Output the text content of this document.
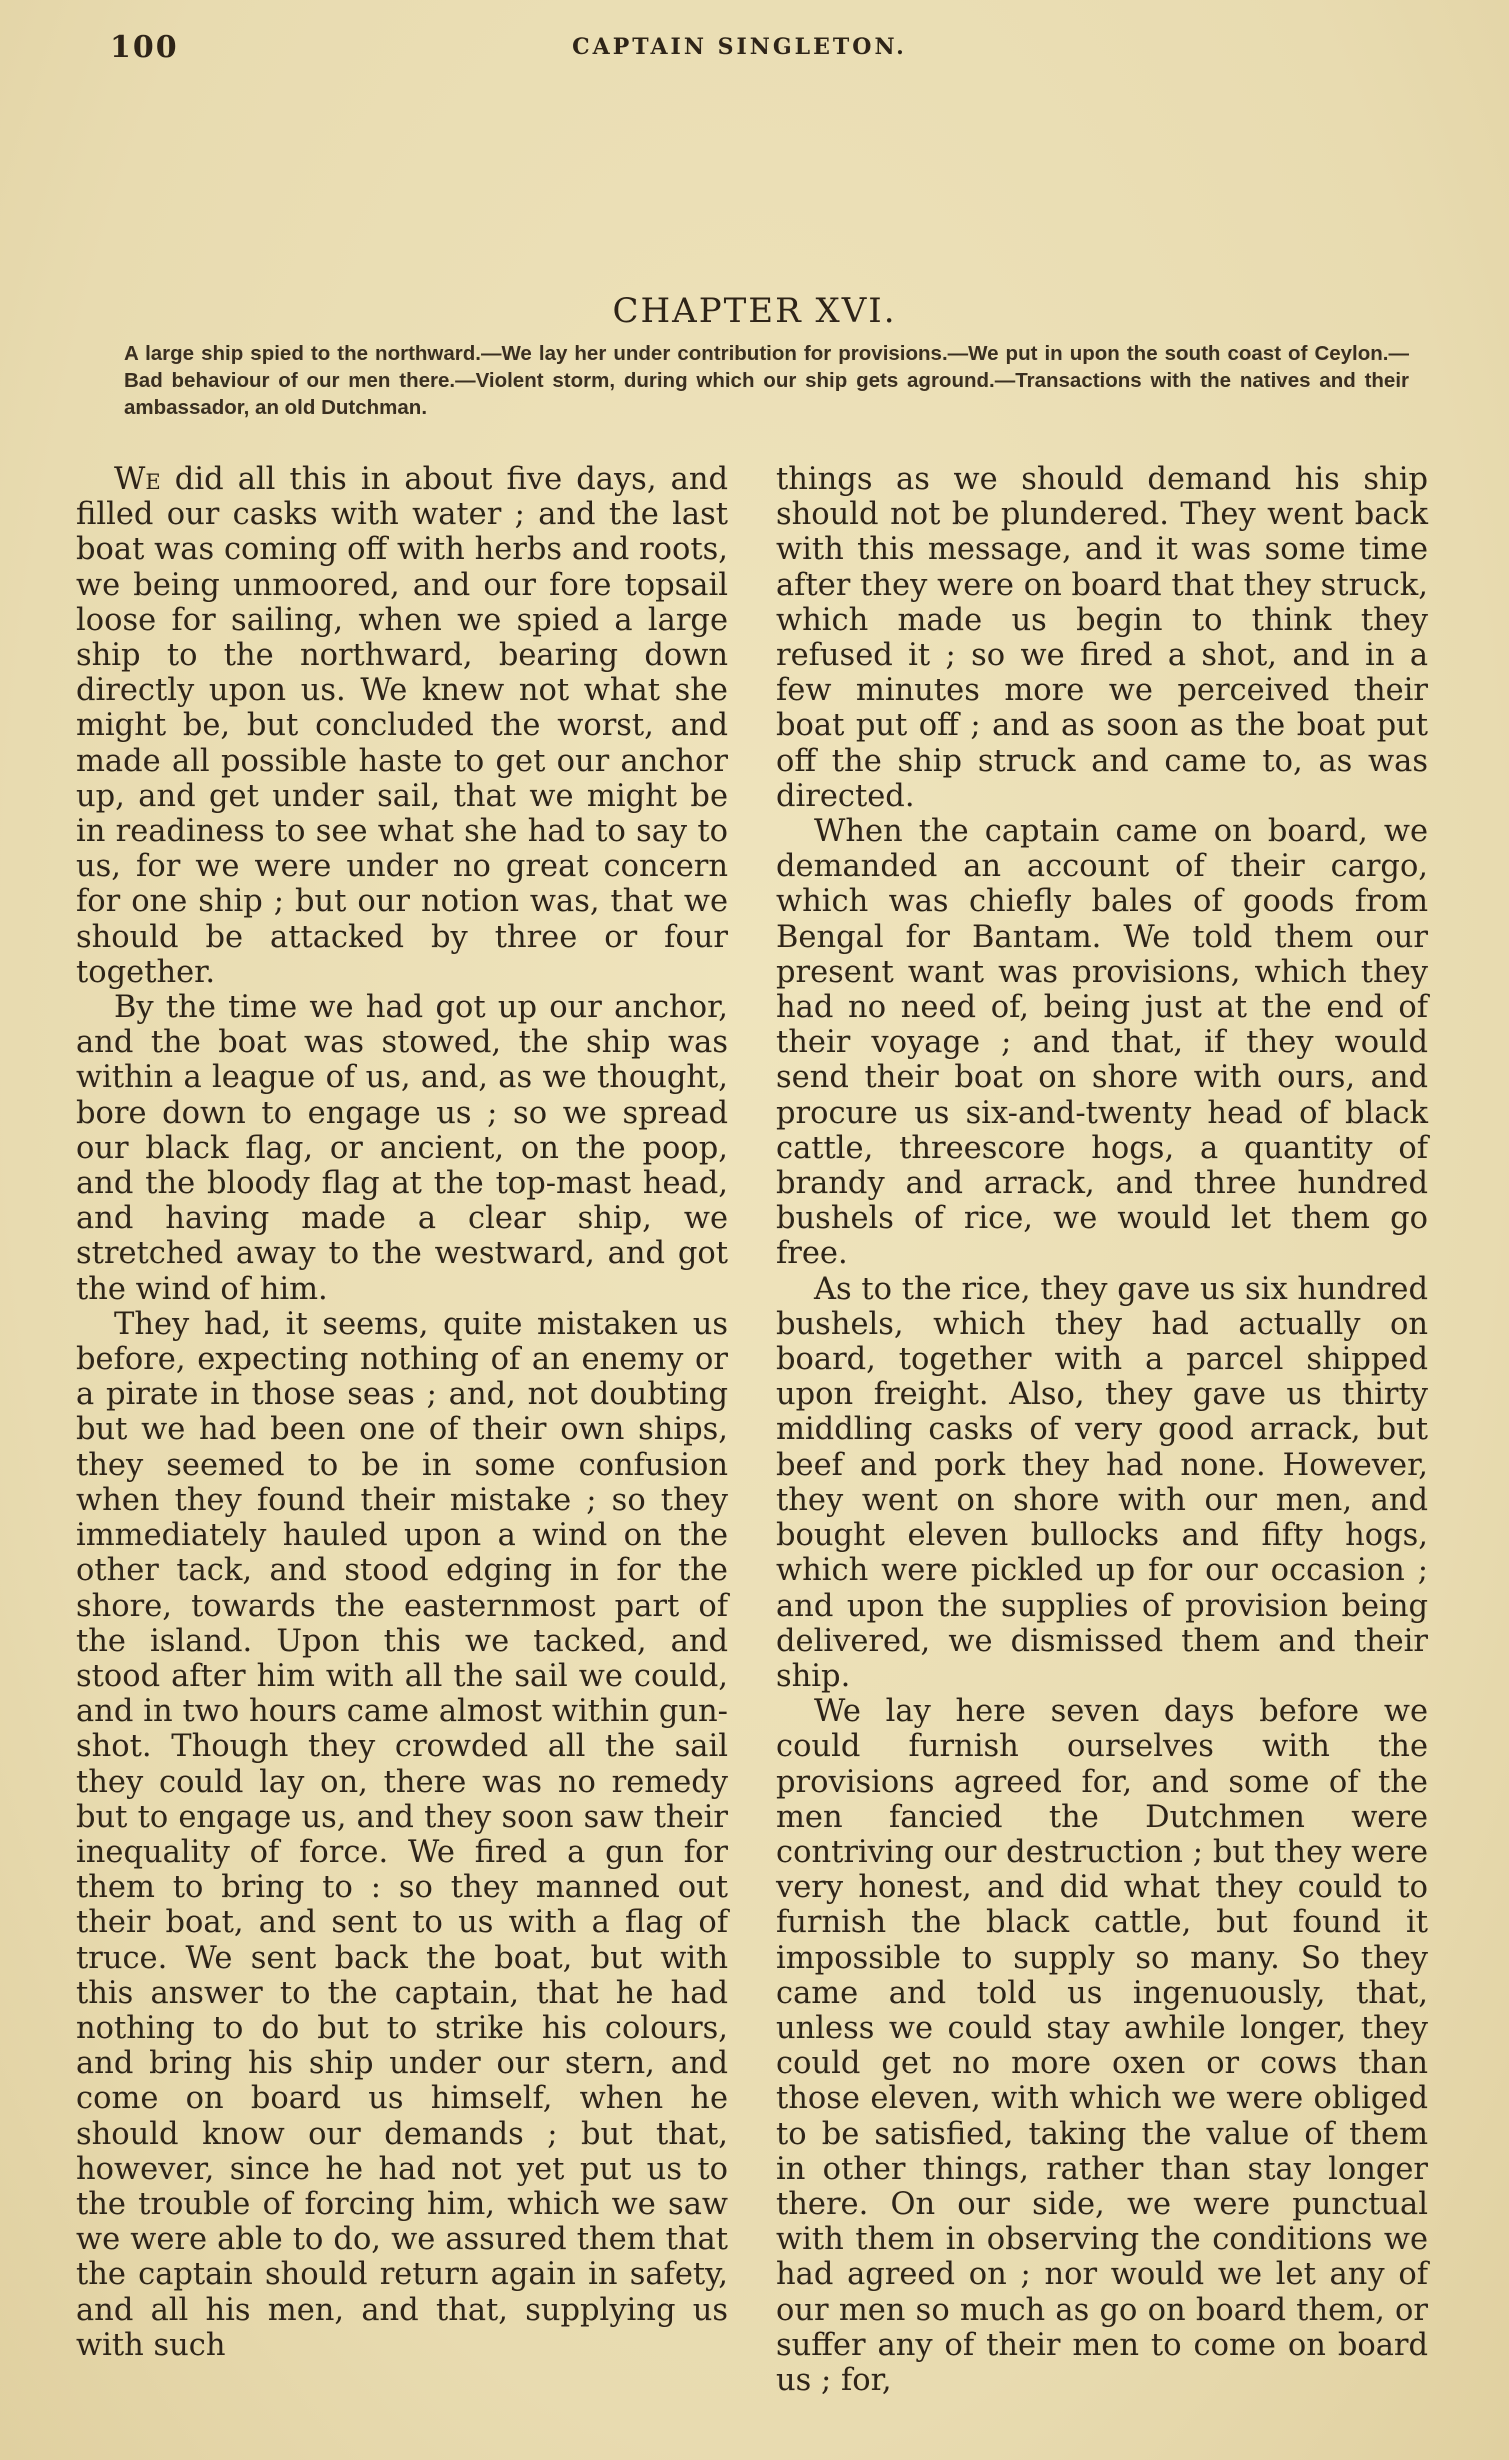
100	CAPTAIN SINGLETON.
CHAPTER XVI.
A large ship spied to the northward.—We lay her under contribution for provisions.—We put in upon the south coast of Ceylon.—Bad behaviour of our men there.—Violent storm, during which our ship gets aground.—Transactions with the natives and their ambassador, an old Dutchman.

We did all this in about five days, and filled our casks with water ; and the last boat was coming off with herbs and roots, we being unmoored, and our fore topsail loose for sailing, when we spied a large ship to the northward, bearing down directly upon us. We knew not what she might be, but concluded the worst, and made all possible haste to get our anchor up, and get under sail, that we might be in readiness to see what she had to say to us, for we were under no great concern for one ship ; but our notion was, that we should be attacked by three or four together.

By the time we had got up our anchor, and the boat was stowed, the ship was within a league of us, and, as we thought, bore down to engage us ; so we spread our black flag, or ancient, on the poop, and the bloody flag at the top-mast head, and having made a clear ship, we stretched away to the westward, and got the wind of him.

They had, it seems, quite mistaken us before, expecting nothing of an enemy or a pirate in those seas ; and, not doubting but we had been one of their own ships, they seemed to be in some confusion when they found their mistake ; so they immediately hauled upon a wind on the other tack, and stood edging in for the shore, towards the easternmost part of the island. Upon this we tacked, and stood after him with all the sail we could, and in two hours came almost within gun-shot. Though they crowded all the sail they could lay on, there was no remedy but to engage us, and they soon saw their inequality of force. We fired a gun for them to bring to : so they manned out their boat, and sent to us with a flag of truce. We sent back the boat, but with this answer to the captain, that he had nothing to do but to strike his colours, and bring his ship under our stern, and come on board us himself, when he should know our demands ; but that, however, since he had not yet put us to the trouble of forcing him, which we saw we were able to do, we assured them that the captain should return again in safety, and all his men, and that, supplying us with such

things as we should demand his ship should not be plundered. They went back with this message, and it was some time after they were on board that they struck, which made us begin to think they refused it ; so we fired a shot, and in a few minutes more we perceived their boat put off ; and as soon as the boat put off the ship struck and came to, as was directed.

When the captain came on board, we demanded an account of their cargo, which was chiefly bales of goods from Bengal for Bantam. We told them our present want was provisions, which they had no need of, being just at the end of their voyage ; and that, if they would send their boat on shore with ours, and procure us six-and-twenty head of black cattle, threescore hogs, a quantity of brandy and arrack, and three hundred bushels of rice, we would let them go free.

As to the rice, they gave us six hundred bushels, which they had actually on board, together with a parcel shipped upon freight. Also, they gave us thirty middling casks of very good arrack, but beef and pork they had none. However, they went on shore with our men, and bought eleven bullocks and fifty hogs, which were pickled up for our occasion ; and upon the supplies of provision being delivered, we dismissed them and their ship.

We lay here seven days before we could furnish ourselves with the provisions agreed for, and some of the men fancied the Dutchmen were contriving our destruction ; but they were very honest, and did what they could to furnish the black cattle, but found it impossible to supply so many. So they came and told us ingenuously, that, unless we could stay awhile longer, they could get no more oxen or cows than those eleven, with which we were obliged to be satisfied, taking the value of them in other things, rather than stay longer there. On our side, we were punctual with them in observing the conditions we had agreed on ; nor would we let any of our men so much as go on board them, or suffer any of their men to come on board us ; for,
